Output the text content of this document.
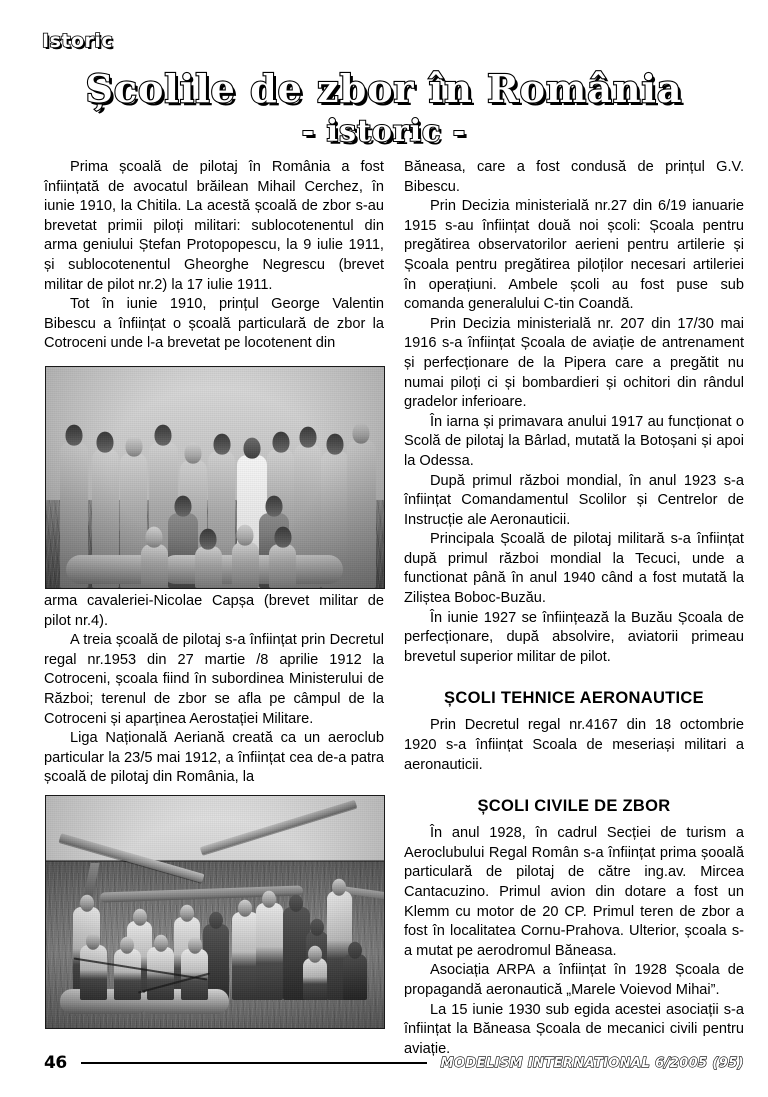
Istoric
Școlile de zbor în România
- istoric -

Prima școală de pilotaj în România a fost înființată de avocatul brăilean Mihail Cerchez, în iunie 1910, la Chitila. La acestă școală de zbor s-au brevetat primii piloți militari: sublocotenentul din arma geniului Ștefan Protopopescu, la 9 iulie 1911, și sublocotenentul Gheorghe Negrescu (brevet militar de pilot nr.2) la 17 iulie 1911.

Tot în iunie 1910, prințul George Valentin Bibescu a înființat o școală particulară de zbor la Cotroceni unde l-a brevetat pe locotenent din

arma cavaleriei-Nicolae Capșa (brevet militar de pilot nr.4).

A treia școală de pilotaj s-a înființat prin Decretul regal nr.1953 din 27 martie /8 aprilie 1912 la Cotroceni, școala fiind în subordinea Ministerului de Război; terenul de zbor se afla pe câmpul de la Cotroceni și aparținea Aerostației Militare.

Liga Națională Aeriană creată ca un aeroclub particular la 23/5 mai 1912, a înființat cea de-a patra școală de pilotaj din România, la

Băneasa, care a fost condusă de prințul G.V. Bibescu.

Prin Decizia ministerială nr.27 din 6/19 ianuarie 1915 s-au înființat două noi școli: Școala pentru pregătirea observatorilor aerieni pentru artilerie și Școala pentru pregătirea piloților necesari artileriei în operațiuni. Ambele școli au fost puse sub comanda generalului C-tin Coandă.

Prin Decizia ministerială nr. 207 din 17/30 mai 1916 s-a înființat Școala de aviație de antrenament și perfecționare de la Pipera care a pregătit nu numai piloți ci și bombardieri și ochitori din rândul gradelor inferioare.

În iarna și primavara anului 1917 au funcționat o Scolă de pilotaj la Bârlad, mutată la Botoșani și apoi la Odessa.

După primul război mondial, în anul 1923 s-a înființat Comandamentul Scolilor și Centrelor de Instrucție ale Aeronauticii.

Principala Școală de pilotaj militară s-a înființat după primul război mondial la Tecuci, unde a functionat până în anul 1940 când a fost mutată la Ziliștea Boboc-Buzău.

În iunie 1927 se înființează la Buzău Școala de perfecționare, după absolvire, aviatorii primeau brevetul superior militar de pilot.

ȘCOLI TEHNICE AERONAUTICE

Prin Decretul regal nr.4167 din 18 octombrie 1920 s-a înființat Scoala de meseriași militari a aeronauticii.

ȘCOLI CIVILE DE ZBOR

În anul 1928, în cadrul Secției de turism a Aeroclubului Regal Român s-a înființat prima șooală particulară de pilotaj de către ing.av. Mircea Cantacuzino. Primul avion din dotare a fost un Klemm cu motor de 20 CP. Primul teren de zbor a fost în localitatea Cornu-Prahova. Ulterior, școala s-a mutat pe aerodromul Băneasa.

Asociația ARPA a înființat în 1928 Școala de propagandă aeronautică „Marele Voievod Mihai”.

La 15 iunie 1930 sub egida acestei asociații s-a înființat la Băneasa Școala de mecanici civili pentru aviație.

46	MODELISM INTERNATIONAL 6/2005 (95)
